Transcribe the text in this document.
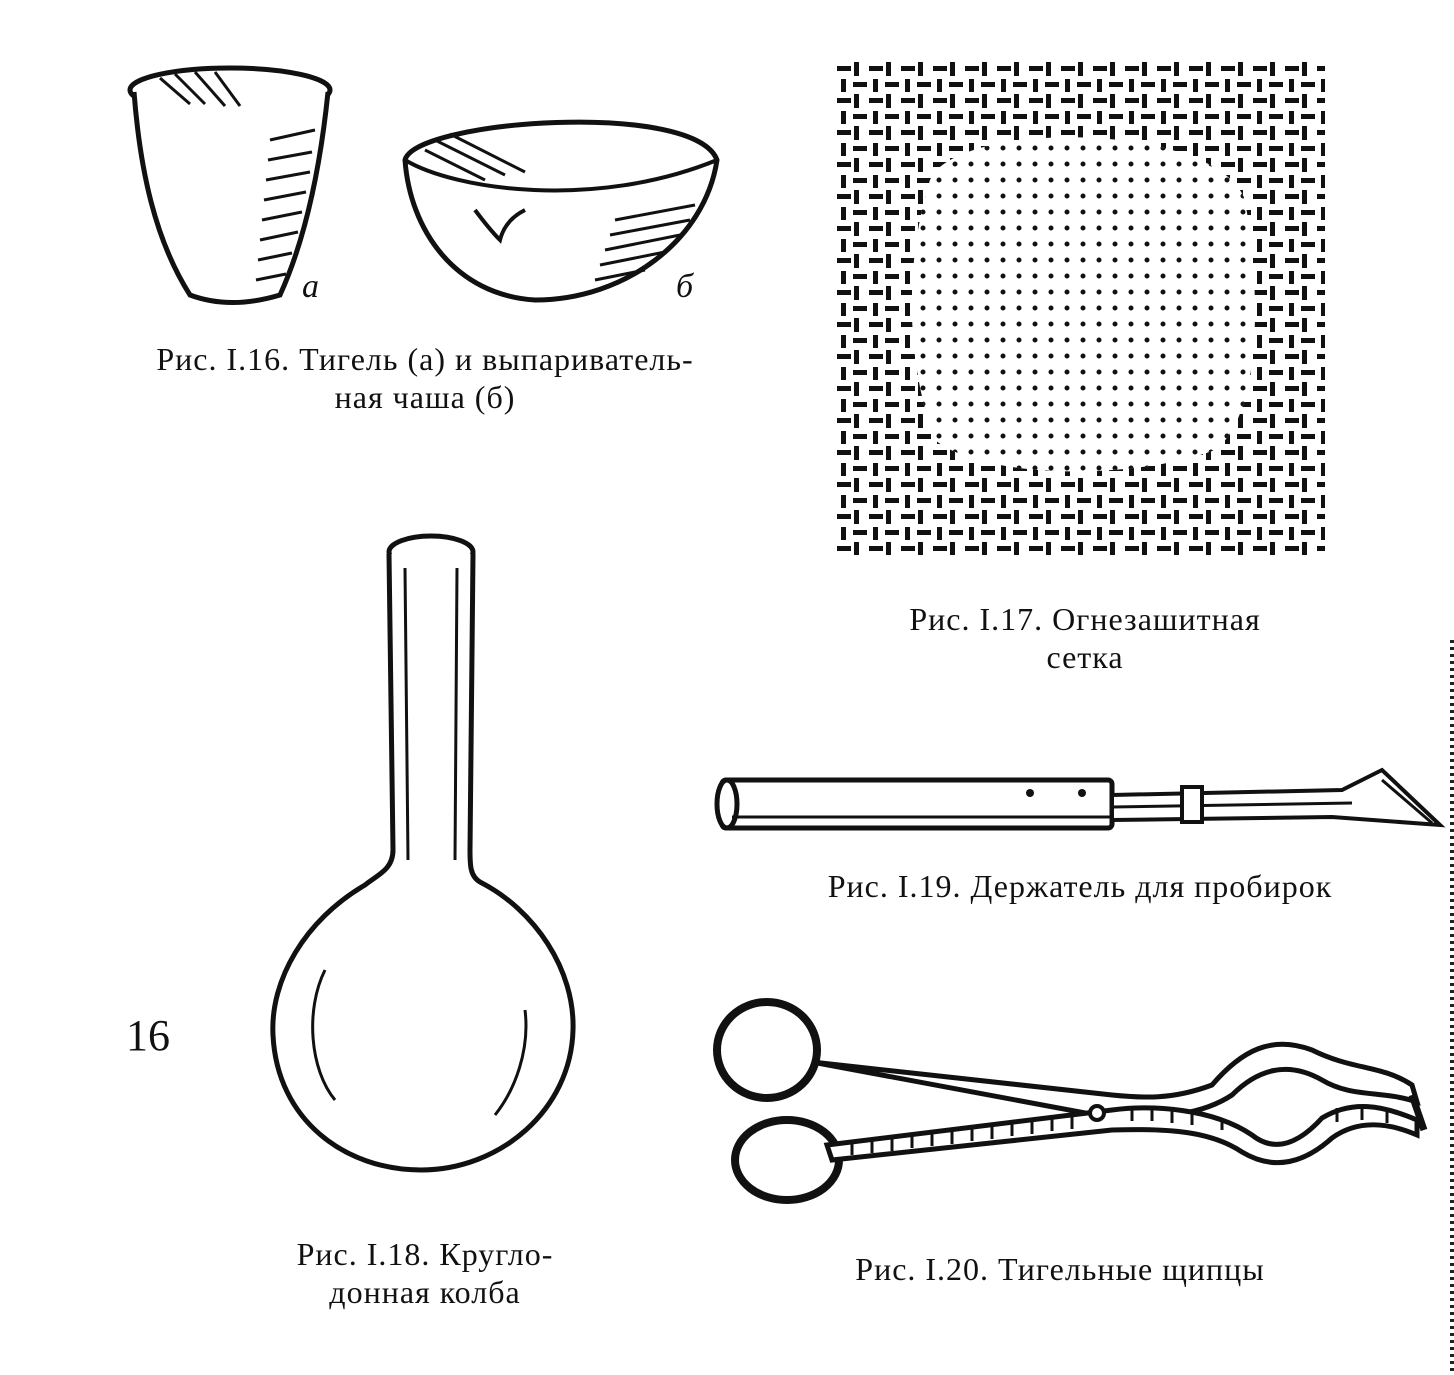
а	б
Рис. I.16. Тигель (а) и выпариватель-
ная чаша (б)
Рис. I.17. Огнезашитная
сетка
Рис. I.18. Кругло-
донная колба
Рис. I.19. Держатель для пробирок
Рис. I.20. Тигельные щипцы
16
